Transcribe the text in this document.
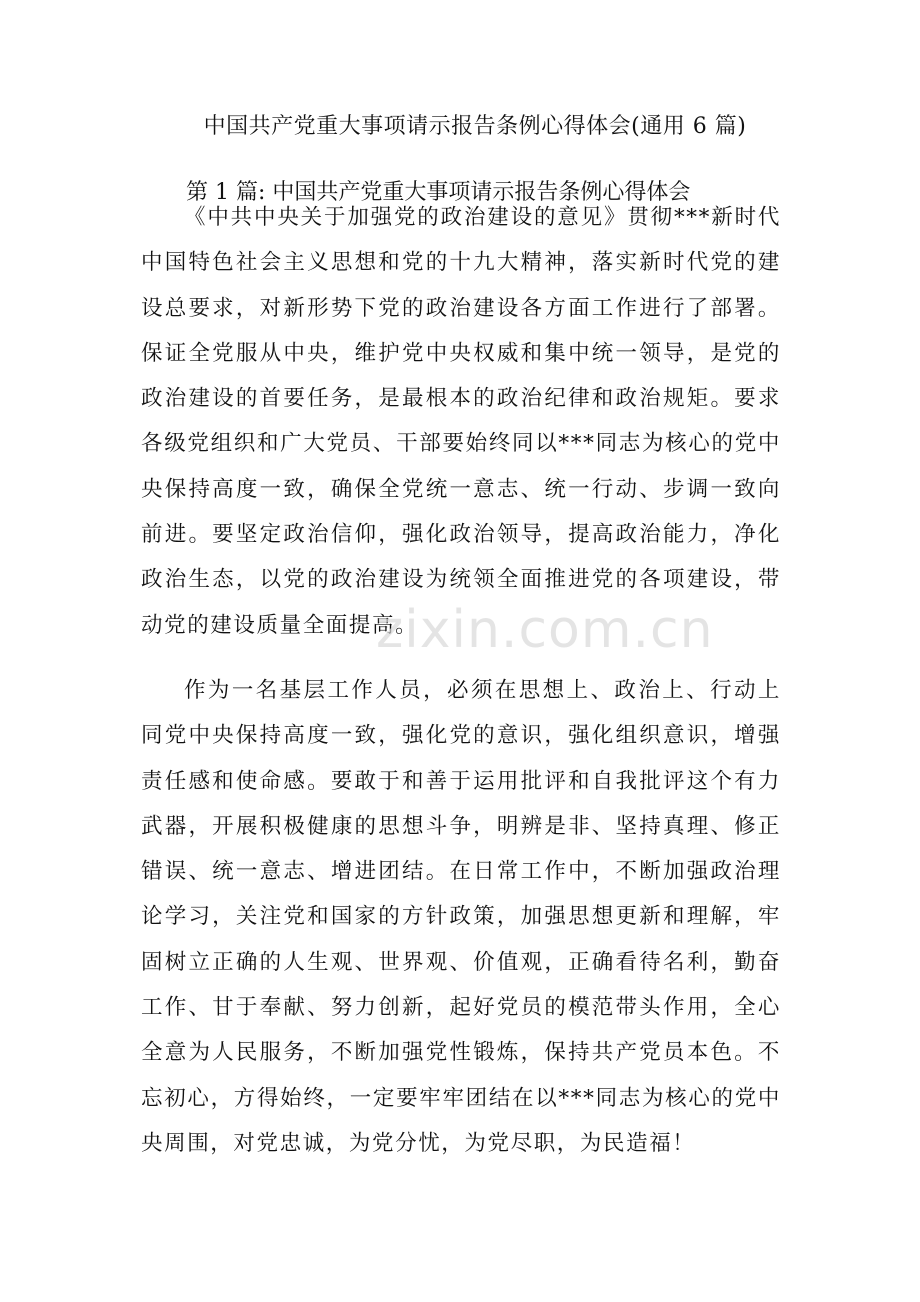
中国共产党重大事项请示报告条例心得体会(通用 6 篇)
第 1 篇: 中国共产党重大事项请示报告条例心得体会

《中共中央关于加强党的政治建设的意见》贯彻***新时代中国特色社会主义思想和党的十九大精神，落实新时代党的建设总要求，对新形势下党的政治建设各方面工作进行了部署。保证全党服从中央，维护党中央权威和集中统一领导，是党的政治建设的首要任务，是最根本的政治纪律和政治规矩。要求各级党组织和广大党员、干部要始终同以***同志为核心的党中央保持高度一致，确保全党统一意志、统一行动、步调一致向前进。要坚定政治信仰，强化政治领导，提高政治能力，净化政治生态，以党的政治建设为统领全面推进党的各项建设，带动党的建设质量全面提高。

作为一名基层工作人员，必须在思想上、政治上、行动上同党中央保持高度一致，强化党的意识，强化组织意识，增强责任感和使命感。要敢于和善于运用批评和自我批评这个有力武器，开展积极健康的思想斗争，明辨是非、坚持真理、修正错误、统一意志、增进团结。在日常工作中，不断加强政治理论学习，关注党和国家的方针政策，加强思想更新和理解，牢固树立正确的人生观、世界观、价值观，正确看待名利，勤奋工作、甘于奉献、努力创新，起好党员的模范带头作用，全心全意为人民服务，不断加强党性锻炼，保持共产党员本色。不忘初心，方得始终，一定要牢牢团结在以***同志为核心的党中央周围，对党忠诚，为党分忧，为党尽职，为民造福！

zixin.com.cn
